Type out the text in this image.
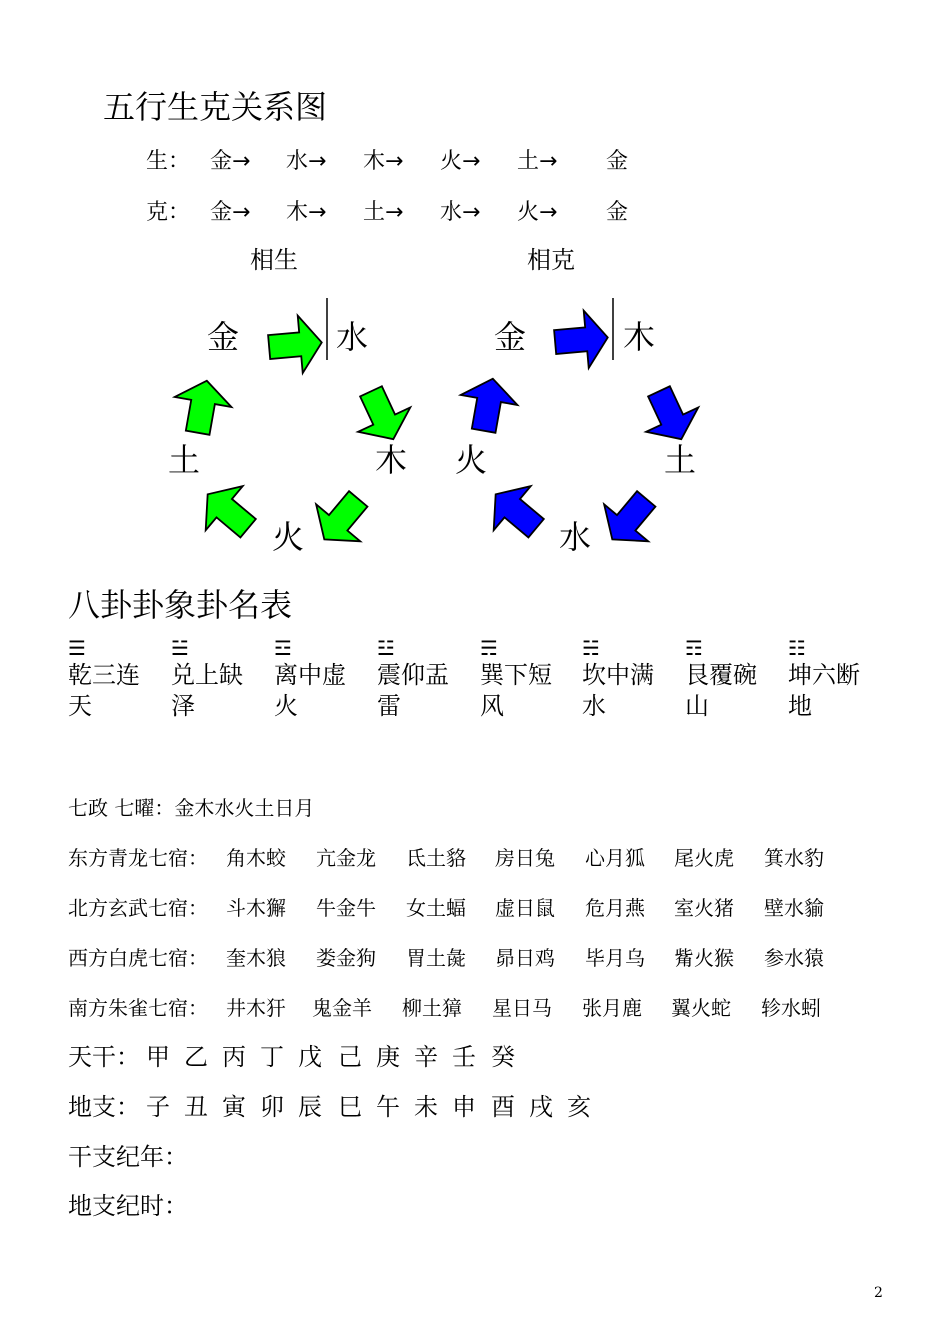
五行生克关系图
生： 金→ 水→ 木→ 火→ 土→ 金
克： 金→ 木→ 土→ 水→ 火→ 金
相生	相克
金	水
木
火
土
金	木
土
水
火
八卦卦象卦名表
☰
乾三连
天
☱
兑上缺
泽
☲
离中虚
火
☳
震仰盂
雷
☴
巽下短
风
☵
坎中满
水
☶
艮覆碗
山
☷
坤六断
地
七政 七曜：金木水火土日月
东方青龙七宿： 角木蛟 亢金龙 氐土貉 房日兔 心月狐 尾火虎 箕水豹
北方玄武七宿： 斗木獬 牛金牛 女土蝠 虚日鼠 危月燕 室火猪 壁水貐
西方白虎七宿： 奎木狼 娄金狗 胃土彘 昴日鸡 毕月乌 觜火猴 参水猿
南方朱雀七宿： 井木犴 鬼金羊 柳土獐 星日马 张月鹿 翼火蛇 轸水蚓
天干： 甲 乙 丙 丁 戊 己 庚 辛 壬 癸
地支： 子 丑 寅 卯 辰 巳 午 未 申 酉 戌 亥
干支纪年：
地支纪时：
2
